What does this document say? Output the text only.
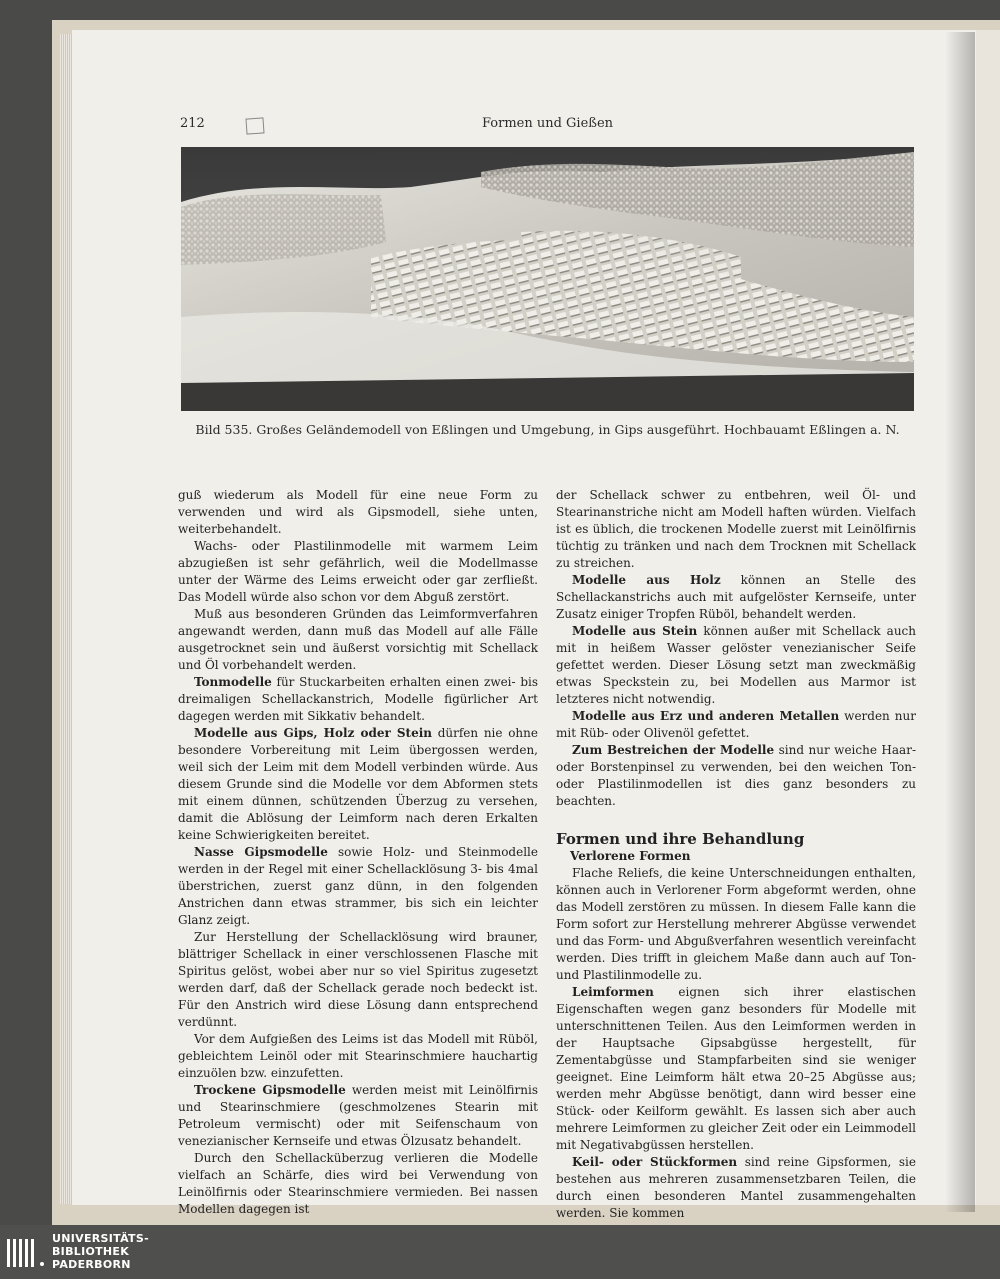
212	Formen und Gießen
Bild 535. Großes Geländemodell von Eßlingen und Umgebung, in Gips ausgeführt. Hochbauamt Eßlingen a. N.

guß wiederum als Modell für eine neue Form zu verwenden und wird als Gipsmodell, siehe unten, weiterbehandelt.

Wachs- oder Plastilinmodelle mit warmem Leim abzugießen ist sehr gefährlich, weil die Modellmasse unter der Wärme des Leims erweicht oder gar zerfließt. Das Modell würde also schon vor dem Abguß zerstört.

Muß aus besonderen Gründen das Leimformverfahren angewandt werden, dann muß das Modell auf alle Fälle ausgetrocknet sein und äußerst vorsichtig mit Schellack und Öl vorbehandelt werden.

Tonmodelle für Stuckarbeiten erhalten einen zwei- bis dreimaligen Schellackanstrich, Modelle figürlicher Art dagegen werden mit Sikkativ behandelt.

Modelle aus Gips, Holz oder Stein dürfen nie ohne besondere Vorbereitung mit Leim übergossen werden, weil sich der Leim mit dem Modell verbinden würde. Aus diesem Grunde sind die Modelle vor dem Abformen stets mit einem dünnen, schützenden Überzug zu versehen, damit die Ablösung der Leimform nach deren Erkalten keine Schwierigkeiten bereitet.

Nasse Gipsmodelle sowie Holz- und Steinmodelle werden in der Regel mit einer Schellacklösung 3- bis 4mal überstrichen, zuerst ganz dünn, in den folgenden Anstrichen dann etwas strammer, bis sich ein leichter Glanz zeigt.

Zur Herstellung der Schellacklösung wird brauner, blättriger Schellack in einer verschlossenen Flasche mit Spiritus gelöst, wobei aber nur so viel Spiritus zugesetzt werden darf, daß der Schellack gerade noch bedeckt ist. Für den Anstrich wird diese Lösung dann entsprechend verdünnt.

Vor dem Aufgießen des Leims ist das Modell mit Rüböl, gebleichtem Leinöl oder mit Stearinschmiere hauchartig einzuölen bzw. einzufetten.

Trockene Gipsmodelle werden meist mit Leinölfirnis und Stearinschmiere (geschmolzenes Stearin mit Petroleum vermischt) oder mit Seifenschaum von venezianischer Kernseife und etwas Ölzusatz behandelt.

Durch den Schellacküberzug verlieren die Modelle vielfach an Schärfe, dies wird bei Verwendung von Leinölfirnis oder Stearinschmiere vermieden. Bei nassen Modellen dagegen ist

der Schellack schwer zu entbehren, weil Öl- und Stearinanstriche nicht am Modell haften würden. Vielfach ist es üblich, die trockenen Modelle zuerst mit Leinölfirnis tüchtig zu tränken und nach dem Trocknen mit Schellack zu streichen.

Modelle aus Holz können an Stelle des Schellackanstrichs auch mit aufgelöster Kernseife, unter Zusatz einiger Tropfen Rüböl, behandelt werden.

Modelle aus Stein können außer mit Schellack auch mit in heißem Wasser gelöster venezianischer Seife gefettet werden. Dieser Lösung setzt man zweckmäßig etwas Speckstein zu, bei Modellen aus Marmor ist letzteres nicht notwendig.

Modelle aus Erz und anderen Metallen werden nur mit Rüb- oder Olivenöl gefettet.

Zum Bestreichen der Modelle sind nur weiche Haar- oder Borstenpinsel zu verwenden, bei den weichen Ton- oder Plastilinmodellen ist dies ganz besonders zu beachten.

Formen und ihre Behandlung
Verlorene Formen

Flache Reliefs, die keine Unterschneidungen enthalten, können auch in Verlorener Form abgeformt werden, ohne das Modell zerstören zu müssen. In diesem Falle kann die Form sofort zur Herstellung mehrerer Abgüsse verwendet und das Form- und Abgußverfahren wesentlich vereinfacht werden. Dies trifft in gleichem Maße dann auch auf Ton- und Plastilinmodelle zu.

Leimformen eignen sich ihrer elastischen Eigenschaften wegen ganz besonders für Modelle mit unterschnittenen Teilen. Aus den Leimformen werden in der Hauptsache Gipsabgüsse hergestellt, für Zementabgüsse und Stampfarbeiten sind sie weniger geeignet. Eine Leimform hält etwa 20–25 Abgüsse aus; werden mehr Abgüsse benötigt, dann wird besser eine Stück- oder Keilform gewählt. Es lassen sich aber auch mehrere Leimformen zu gleicher Zeit oder ein Leimmodell mit Negativabgüssen herstellen.

Keil- oder Stückformen sind reine Gipsformen, sie bestehen aus mehreren zusammensetzbaren Teilen, die durch einen besonderen Mantel zusammengehalten werden. Sie kommen

UNIVERSITÄTS-
BIBLIOTHEK
PADERBORN
